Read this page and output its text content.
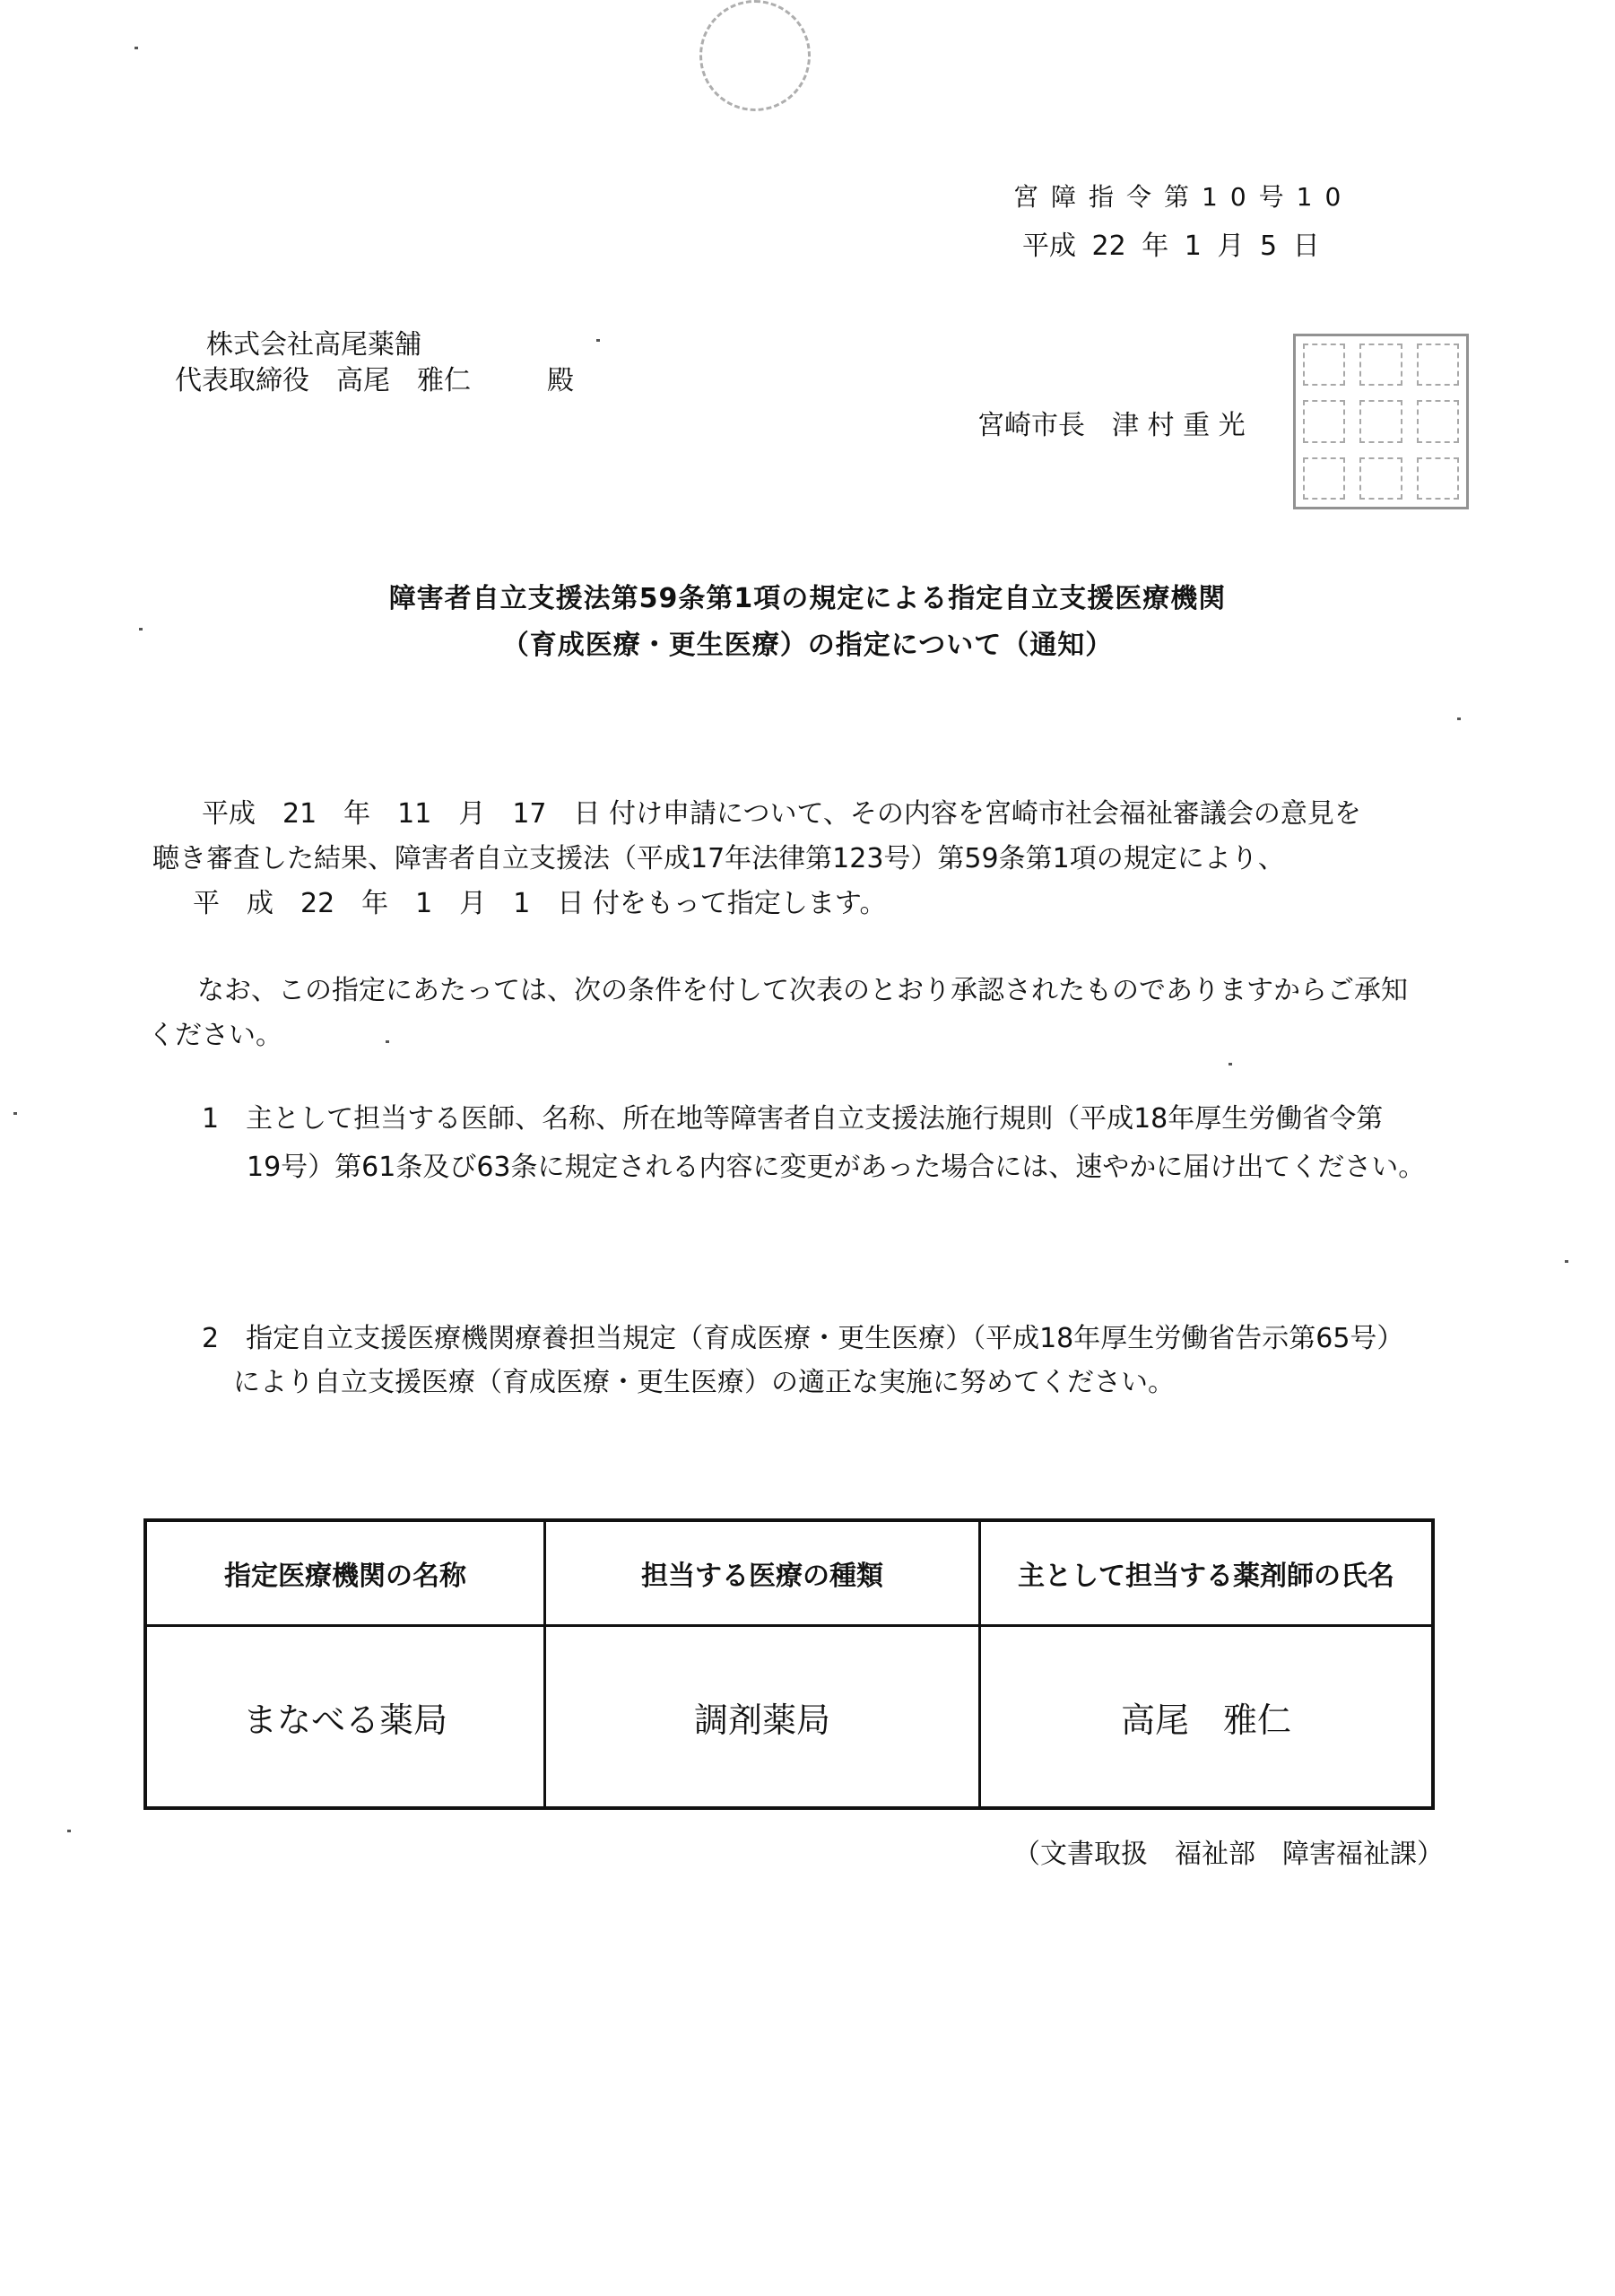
宮障指令第10号10
平成 22 年 1 月 5 日
株式会社高尾薬舗
代表取締役　高尾　雅仁	殿
宮崎市長　津 村 重 光
障害者自立支援法第59条第1項の規定による指定自立支援医療機関
（育成医療・更生医療）の指定について（通知）
平成　21　年　11　月　17　日 付け申請について、その内容を宮崎市社会福祉審議会の意見を
聴き審査した結果、障害者自立支援法（平成17年法律第123号）第59条第1項の規定により、
平　成　22　年　1　月　1　日 付をもって指定します。
なお、この指定にあたっては、次の条件を付して次表のとおり承認されたものでありますからご承知
ください。
1　主として担当する医師、名称、所在地等障害者自立支援法施行規則（平成18年厚生労働省令第
19号）第61条及び63条に規定される内容に変更があった場合には、速やかに届け出てください。
2　指定自立支援医療機関療養担当規定（育成医療・更生医療）（平成18年厚生労働省告示第65号）
により自立支援医療（育成医療・更生医療）の適正な実施に努めてください。
指定医療機関の名称	担当する医療の種類	主として担当する薬剤師の氏名
まなべる薬局	調剤薬局	高尾　雅仁
（文書取扱　福祉部　障害福祉課）
